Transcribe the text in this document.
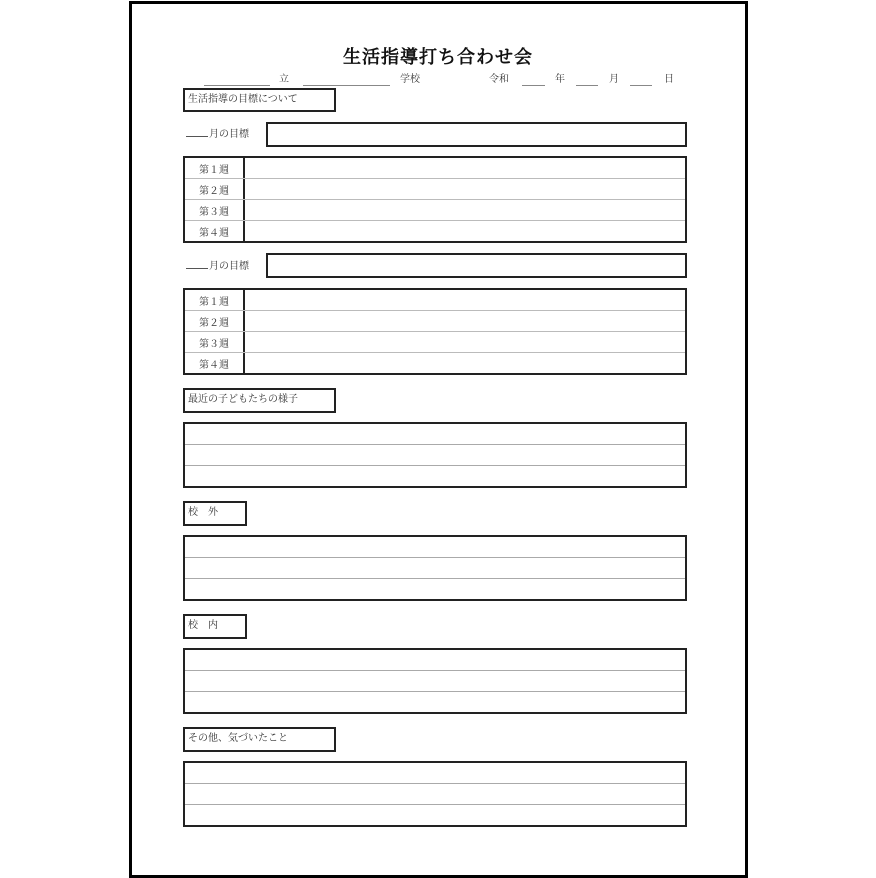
生活指導打ち合わせ会
立	学校	令和	年	月	日
生活指導の目標について
月の目標
第１週
第２週
第３週
第４週
月の目標
第１週
第２週
第３週
第４週
最近の子どもたちの様子
校　外
校　内
その他、気づいたこと
